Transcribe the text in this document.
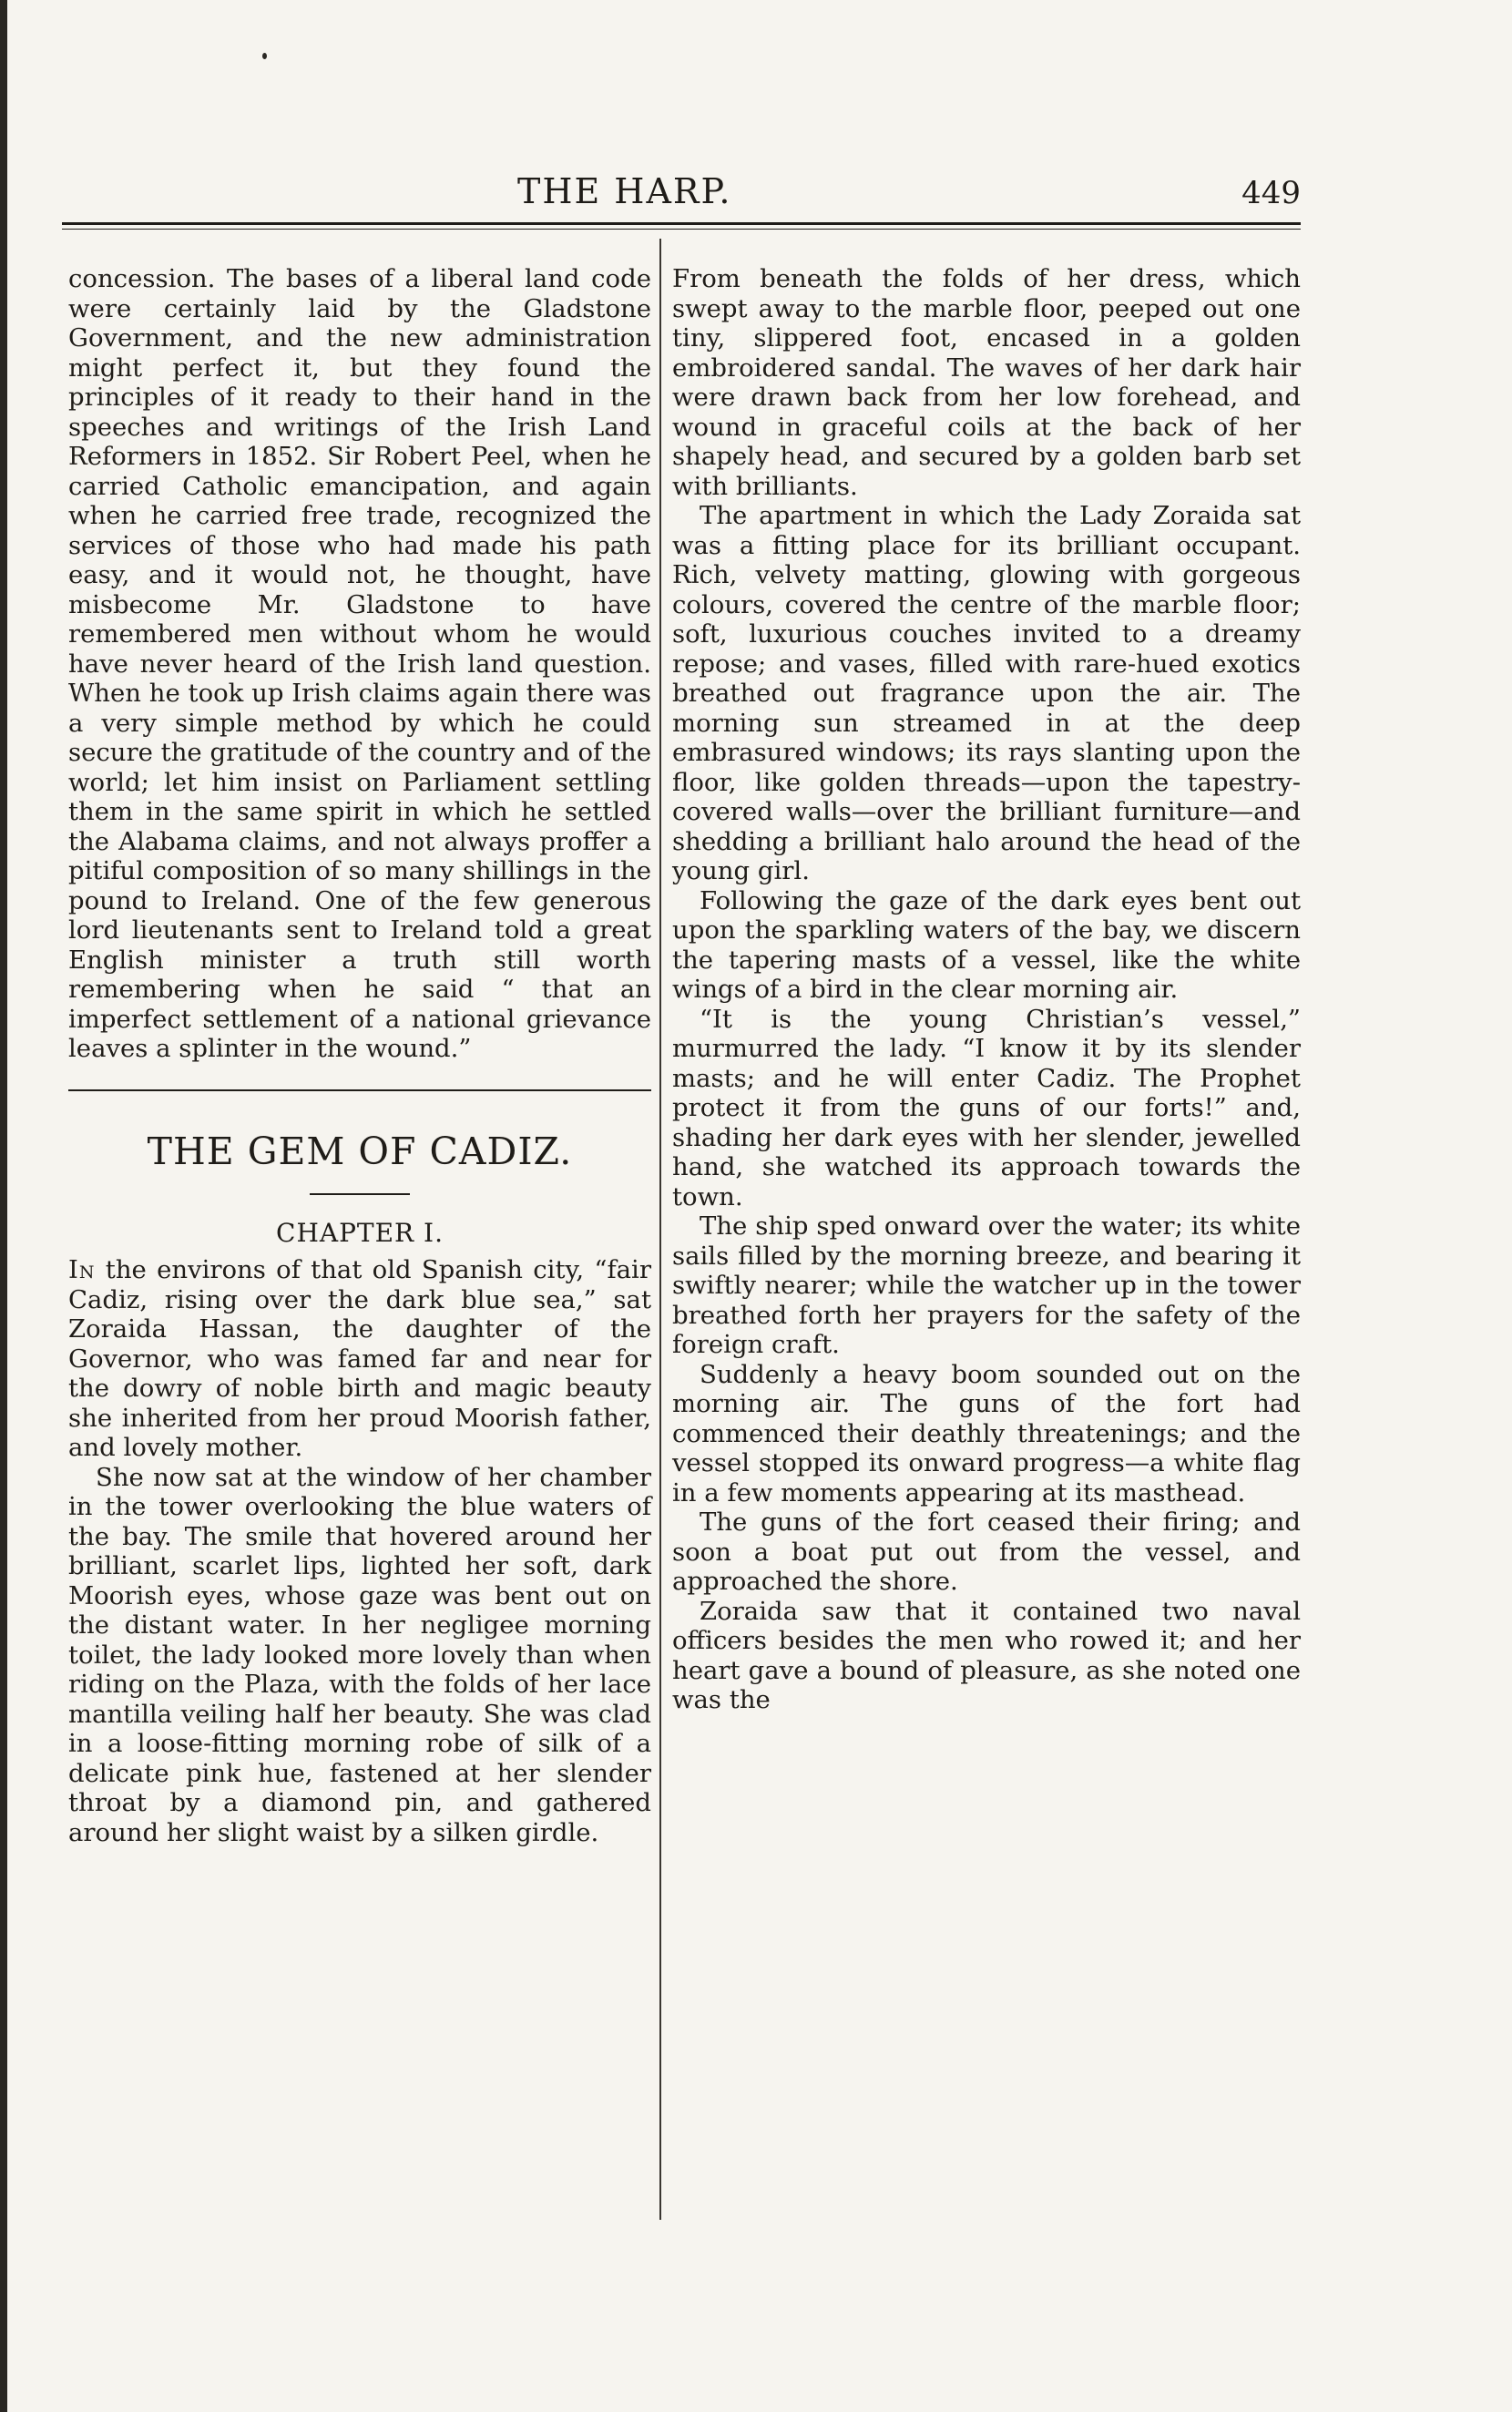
THE HARP.	449

concession. The bases of a liberal land code were certainly laid by the Gladstone Government, and the new administration might perfect it, but they found the principles of it ready to their hand in the speeches and writings of the Irish Land Reformers in 1852. Sir Robert Peel, when he carried Catholic emancipation, and again when he carried free trade, recognized the services of those who had made his path easy, and it would not, he thought, have misbecome Mr. Gladstone to have remembered men without whom he would have never heard of the Irish land question. When he took up Irish claims again there was a very simple method by which he could secure the gratitude of the country and of the world; let him insist on Parliament settling them in the same spirit in which he settled the Alabama claims, and not always proffer a pitiful composition of so many shillings in the pound to Ireland. One of the few generous lord lieutenants sent to Ireland told a great English minister a truth still worth remembering when he said “ that an imperfect settlement of a national grievance leaves a splinter in the wound.”

THE GEM OF CADIZ.
CHAPTER I.

In the environs of that old Spanish city, “fair Cadiz, rising over the dark blue sea,” sat Zoraida Hassan, the daughter of the Governor, who was famed far and near for the dowry of noble birth and magic beauty she inherited from her proud Moorish father, and lovely mother.

She now sat at the window of her chamber in the tower overlooking the blue waters of the bay. The smile that hovered around her brilliant, scarlet lips, lighted her soft, dark Moorish eyes, whose gaze was bent out on the distant water. In her negligee morning toilet, the lady looked more lovely than when riding on the Plaza, with the folds of her lace mantilla veiling half her beauty. She was clad in a loose-fitting morning robe of silk of a delicate pink hue, fastened at her slender throat by a diamond pin, and gathered around her slight waist by a silken girdle.

From beneath the folds of her dress, which swept away to the marble floor, peeped out one tiny, slippered foot, encased in a golden embroidered sandal. The waves of her dark hair were drawn back from her low forehead, and wound in graceful coils at the back of her shapely head, and secured by a golden barb set with brilliants.

The apartment in which the Lady Zoraida sat was a fitting place for its brilliant occupant. Rich, velvety matting, glowing with gorgeous colours, covered the centre of the marble floor; soft, luxurious couches invited to a dreamy repose; and vases, filled with rare-hued exotics breathed out fragrance upon the air. The morning sun streamed in at the deep embrasured windows; its rays slanting upon the floor, like golden threads—upon the tapestry-covered walls—over the brilliant furniture—and shedding a brilliant halo around the head of the young girl.

Following the gaze of the dark eyes bent out upon the sparkling waters of the bay, we discern the tapering masts of a vessel, like the white wings of a bird in the clear morning air.

“It is the young Christian’s vessel,” murmurred the lady. “I know it by its slender masts; and he will enter Cadiz. The Prophet protect it from the guns of our forts!” and, shading her dark eyes with her slender, jewelled hand, she watched its approach towards the town.

The ship sped onward over the water; its white sails filled by the morning breeze, and bearing it swiftly nearer; while the watcher up in the tower breathed forth her prayers for the safety of the foreign craft.

Suddenly a heavy boom sounded out on the morning air. The guns of the fort had commenced their deathly threatenings; and the vessel stopped its onward progress—a white flag in a few moments appearing at its masthead.

The guns of the fort ceased their firing; and soon a boat put out from the vessel, and approached the shore.

Zoraida saw that it contained two naval officers besides the men who rowed it; and her heart gave a bound of pleasure, as she noted one was the
